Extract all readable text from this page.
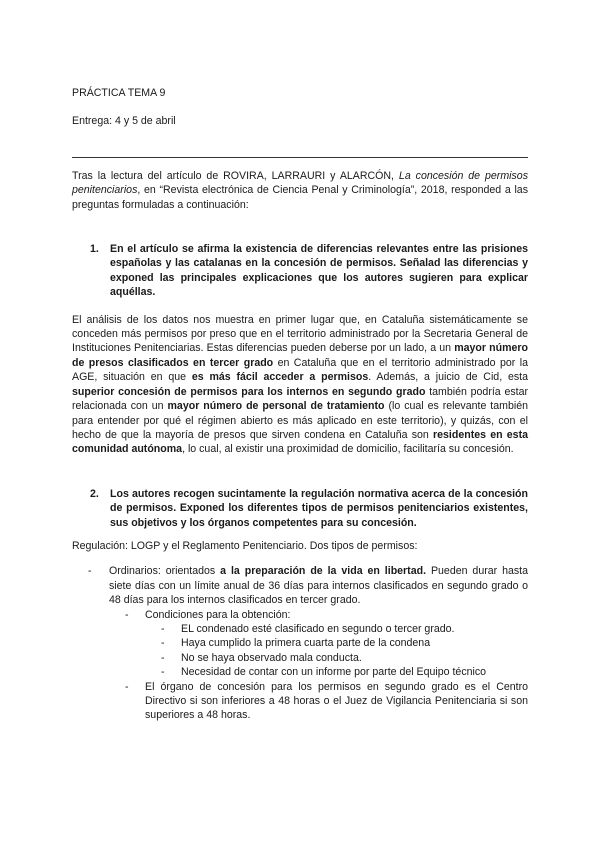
PRÁCTICA TEMA 9

Entrega: 4 y 5 de abril

Tras la lectura del artículo de ROVIRA, LARRAURI y ALARCÓN, La concesión de permisos penitenciarios, en “Revista electrónica de Ciencia Penal y Criminología”, 2018, responded a las preguntas formuladas a continuación:

1.	En el artículo se afirma la existencia de diferencias relevantes entre las prisiones españolas y las catalanas en la concesión de permisos. Señalad las diferencias y exponed las principales explicaciones que los autores sugieren para explicar aquéllas.

El análisis de los datos nos muestra en primer lugar que, en Cataluña sistemáticamente se conceden más permisos por preso que en el territorio administrado por la Secretaria General de Instituciones Penitenciarias. Estas diferencias pueden deberse por un lado, a un mayor número de presos clasificados en tercer grado en Cataluña que en el territorio administrado por la AGE, situación en que es más fácil acceder a permisos. Además, a juicio de Cid, esta superior concesión de permisos para los internos en segundo grado también podría estar relacionada con un mayor número de personal de tratamiento (lo cual es relevante también para entender por qué el régimen abierto es más aplicado en este territorio), y quizás, con el hecho de que la mayoría de presos que sirven condena en Cataluña son residentes en esta comunidad autónoma, lo cual, al existir una proximidad de domicilio, facilitaría su concesión.

2.	Los autores recogen sucintamente la regulación normativa acerca de la concesión de permisos. Exponed los diferentes tipos de permisos penitenciarios existentes, sus objetivos y los órganos competentes para su concesión.

Regulación: LOGP y el Reglamento Penitenciario. Dos tipos de permisos:

-	Ordinarios: orientados a la preparación de la vida en libertad. Pueden durar hasta siete días con un límite anual de 36 días para internos clasificados en segundo grado o 48 días para los internos clasificados en tercer grado.
-	Condiciones para la obtención:
-	EL condenado esté clasificado en segundo o tercer grado.
-	Haya cumplido la primera cuarta parte de la condena
-	No se haya observado mala conducta.
-	Necesidad de contar con un informe por parte del Equipo técnico
-	El órgano de concesión para los permisos en segundo grado es el Centro Directivo si son inferiores a 48 horas o el Juez de Vigilancia Penitenciaria si son superiores a 48 horas.
